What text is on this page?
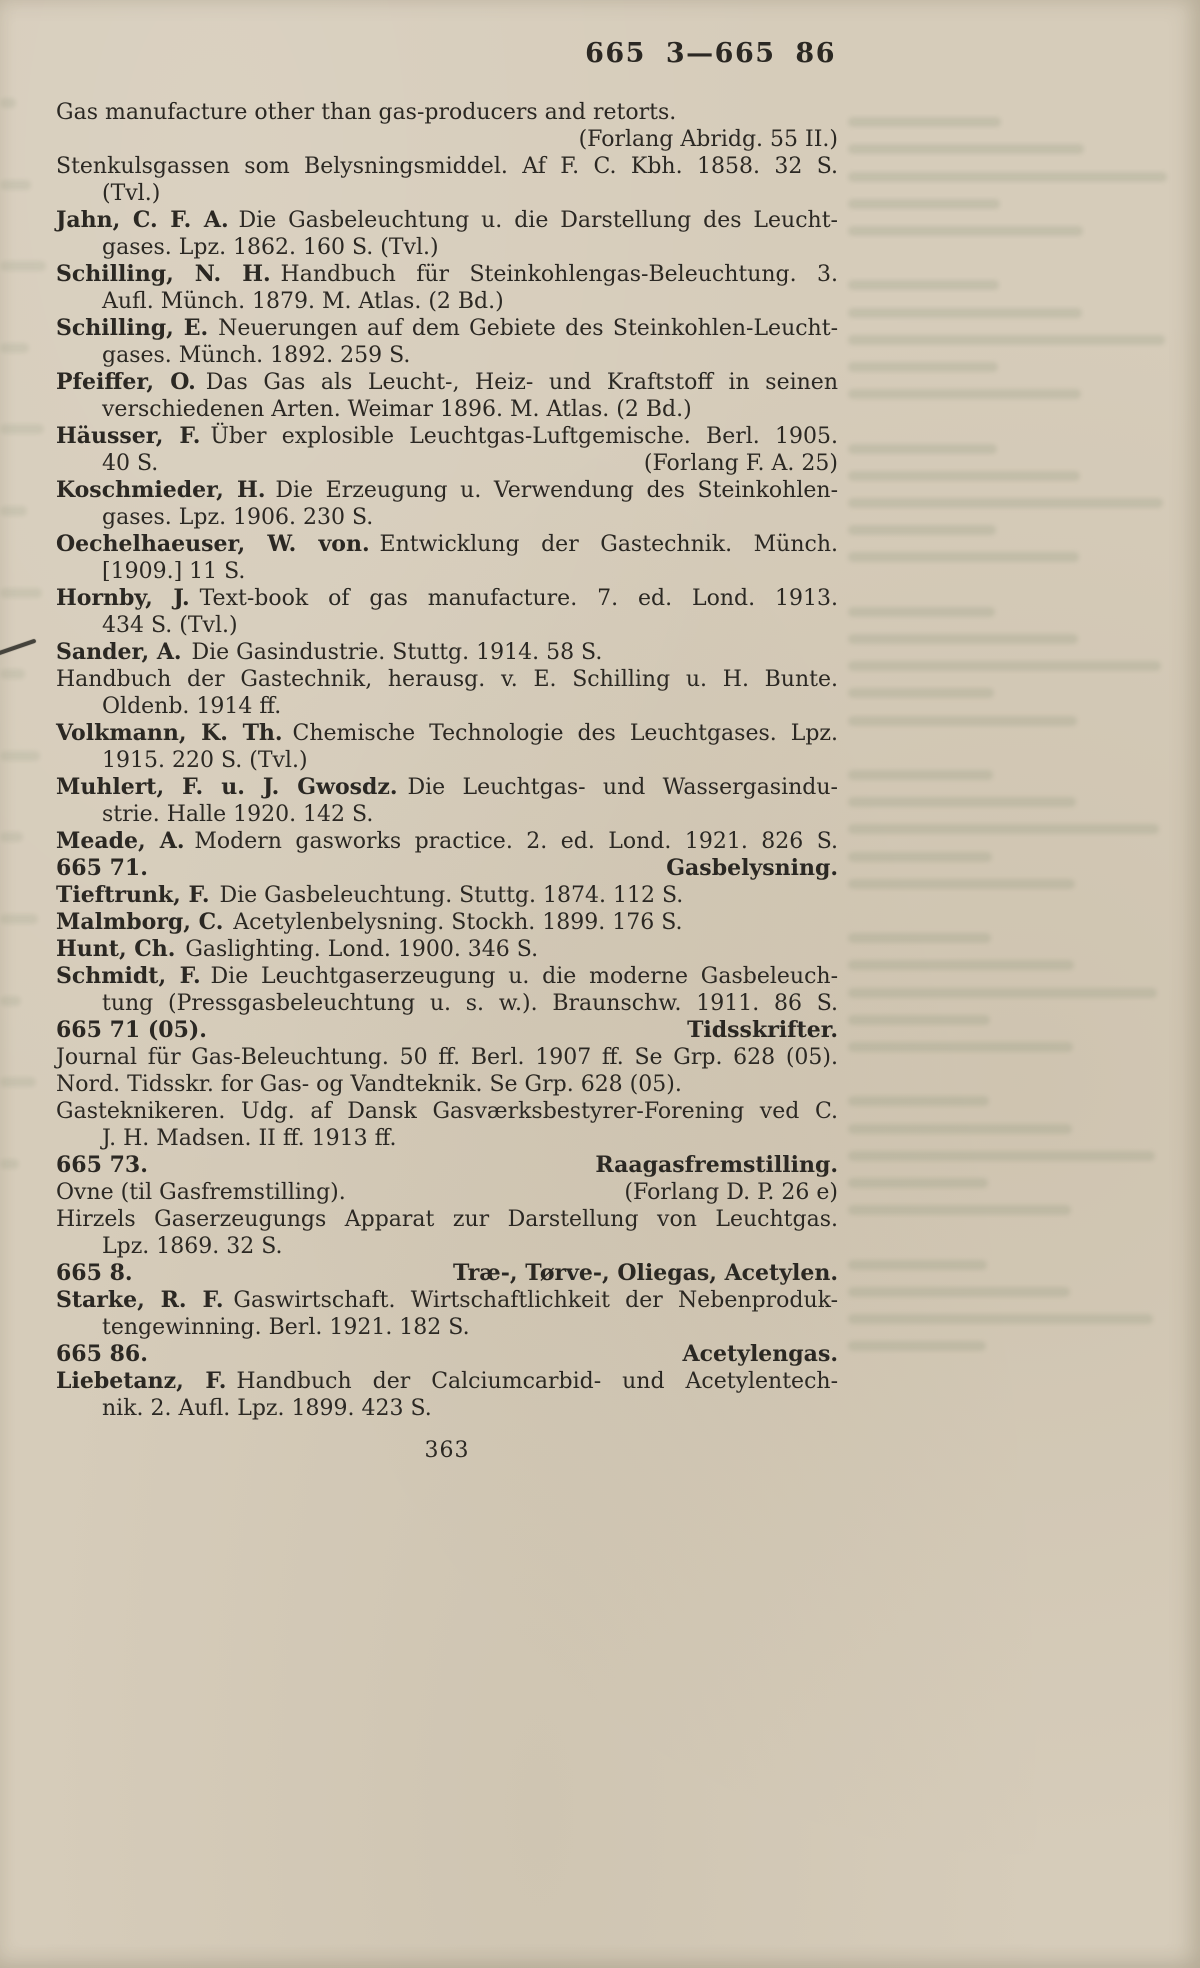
665 3—665 86
Gas manufacture other than gas-producers and retorts.
(Forlang Abridg. 55 II.)
Stenkulsgassen som Belysningsmiddel. Af F. C. Kbh. 1858. 32 S.
(Tvl.)
Jahn, C. F. A. Die Gasbeleuchtung u. die Darstellung des Leucht-
gases. Lpz. 1862. 160 S. (Tvl.)
Schilling, N. H. Handbuch für Steinkohlengas-Beleuchtung. 3.
Aufl. Münch. 1879. M. Atlas. (2 Bd.)
Schilling, E. Neuerungen auf dem Gebiete des Steinkohlen-Leucht-
gases. Münch. 1892. 259 S.
Pfeiffer, O. Das Gas als Leucht-, Heiz- und Kraftstoff in seinen
verschiedenen Arten. Weimar 1896. M. Atlas. (2 Bd.)
Häusser, F. Über explosible Leuchtgas-Luftgemische. Berl. 1905.
40 S.	(Forlang F. A. 25)
Koschmieder, H. Die Erzeugung u. Verwendung des Steinkohlen-
gases. Lpz. 1906. 230 S.
Oechelhaeuser, W. von. Entwicklung der Gastechnik. Münch.
[1909.] 11 S.
Hornby, J. Text-book of gas manufacture. 7. ed. Lond. 1913.
434 S. (Tvl.)
Sander, A. Die Gasindustrie. Stuttg. 1914. 58 S.
Handbuch der Gastechnik, herausg. v. E. Schilling u. H. Bunte.
Oldenb. 1914 ff.
Volkmann, K. Th. Chemische Technologie des Leuchtgases. Lpz.
1915. 220 S. (Tvl.)
Muhlert, F. u. J. Gwosdz. Die Leuchtgas- und Wassergasindu-
strie. Halle 1920. 142 S.
Meade, A. Modern gasworks practice. 2. ed. Lond. 1921. 826 S.
665 71.	Gasbelysning.
Tieftrunk, F. Die Gasbeleuchtung. Stuttg. 1874. 112 S.
Malmborg, C. Acetylenbelysning. Stockh. 1899. 176 S.
Hunt, Ch. Gaslighting. Lond. 1900. 346 S.
Schmidt, F. Die Leuchtgaserzeugung u. die moderne Gasbeleuch-
tung (Pressgasbeleuchtung u. s. w.). Braunschw. 1911. 86 S.
665 71 (05).	Tidsskrifter.
Journal für Gas-Beleuchtung. 50 ff. Berl. 1907 ff. Se Grp. 628 (05).
Nord. Tidsskr. for Gas- og Vandteknik. Se Grp. 628 (05).
Gasteknikeren. Udg. af Dansk Gasværksbestyrer-Forening ved C.
J. H. Madsen. II ff. 1913 ff.
665 73.	Raagasfremstilling.
Ovne (til Gasfremstilling).	(Forlang D. P. 26 e)
Hirzels Gaserzeugungs Apparat zur Darstellung von Leuchtgas.
Lpz. 1869. 32 S.
665 8.	Træ-, Tørve-, Oliegas, Acetylen.
Starke, R. F. Gaswirtschaft. Wirtschaftlichkeit der Nebenproduk-
tengewinning. Berl. 1921. 182 S.
665 86.	Acetylengas.
Liebetanz, F. Handbuch der Calciumcarbid- und Acetylentech-
nik. 2. Aufl. Lpz. 1899. 423 S.
363
